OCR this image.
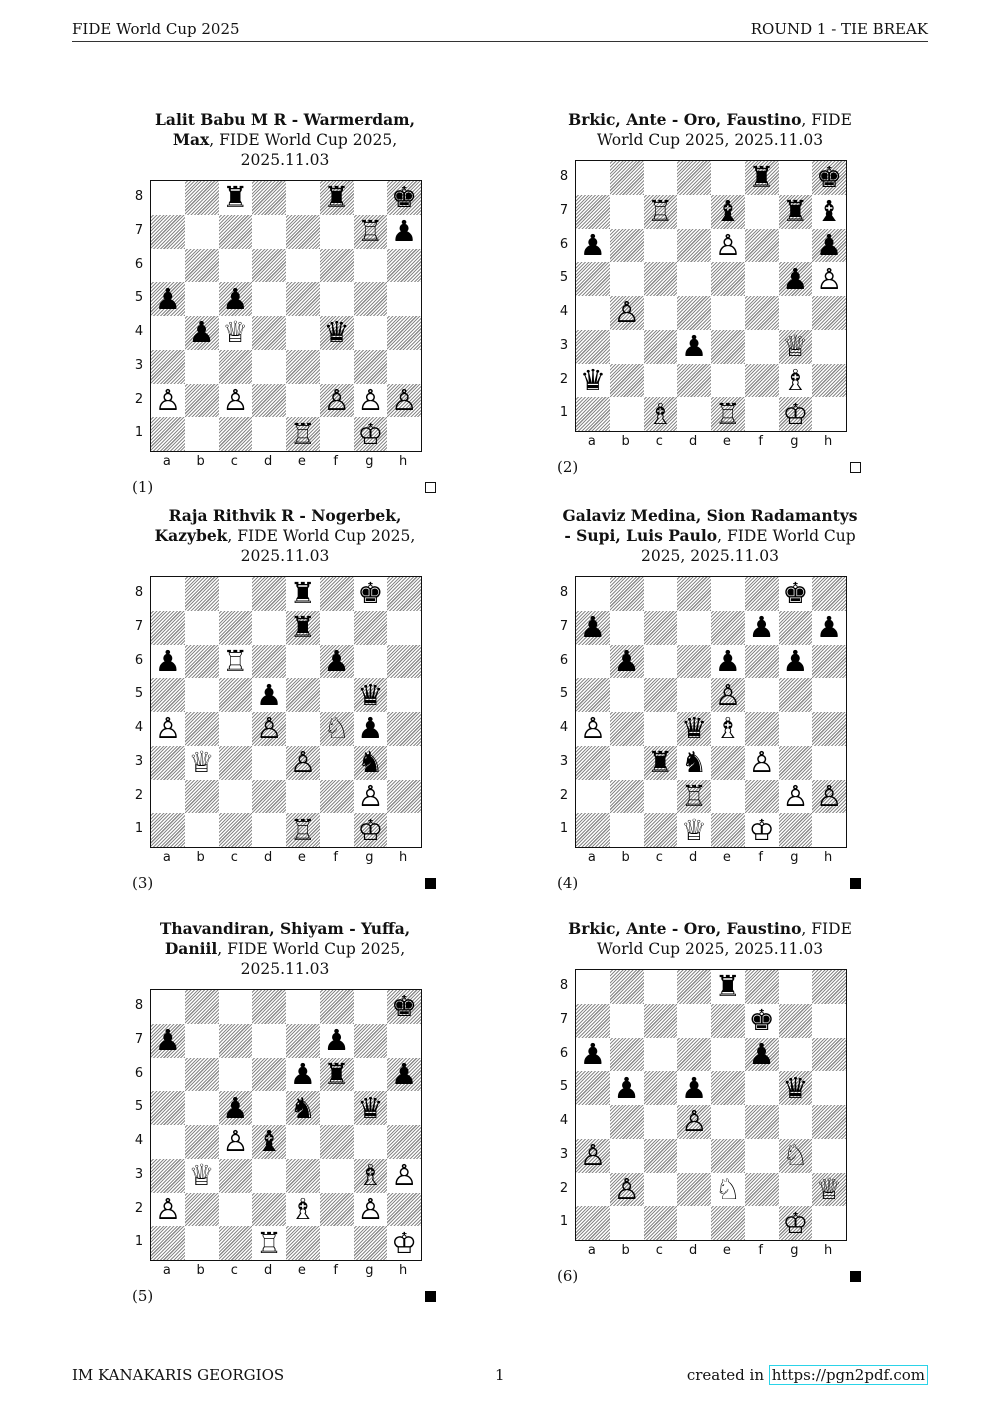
FIDE World Cup 2025	ROUND 1 - TIE BREAK
Lalit Babu M R - Warmerdam, Max, FIDE World Cup 2025, 2025.11.03
♜	♜ ♚
♖ ♟
♟ ♟
♟ ♕	♛
♙ ♙	♙ ♙ ♙
♖ ♔
8
7
6
5
4
3
2
1
a	b	c	d	e	f	g	h
(1)
Brkic, Ante - Oro, Faustino, FIDE World Cup 2025, 2025.11.03
♜ ♚
♖ ♝ ♜ ♝
♟	♙	♟
♟ ♙
♙
♟	♕
♛	♗
♗ ♖ ♔
8
7
6
5
4
3
2
1
a	b	c	d	e	f	g	h
(2)
Raja Rithvik R - Nogerbek, Kazybek, FIDE World Cup 2025, 2025.11.03
♜ ♚
♜
♟ ♖	♟
♟	♛
♙	♙ ♘ ♟
♕	♙ ♞
♙
♖ ♔
8
7
6
5
4
3
2
1
a	b	c	d	e	f	g	h
(3)
Galaviz Medina, Sion Radamantys - Supi, Luis Paulo, FIDE World Cup 2025, 2025.11.03
♚
♟	♟ ♟
♟	♟ ♟
♙
♙	♛ ♗
♜ ♞ ♙
♖	♙ ♙
♕ ♔
8
7
6
5
4
3
2
1
a	b	c	d	e	f	g	h
(4)
Thavandiran, Shiyam - Yuffa, Daniil, FIDE World Cup 2025, 2025.11.03
♚
♟	♟
♟ ♜ ♟
♟ ♞ ♛
♙ ♝
♕	♗ ♙
♙	♗ ♙
♖	♔
8
7
6
5
4
3
2
1
a	b	c	d	e	f	g	h
(5)
Brkic, Ante - Oro, Faustino, FIDE World Cup 2025, 2025.11.03
♜
♚
♟	♟
♟ ♟	♛
♙
♙	♘
♙	♘	♕
♔
8
7
6
5
4
3
2
1
a	b	c	d	e	f	g	h
(6)
IM KANAKARIS GEORGIOS	1	created in https://pgn2pdf.com
